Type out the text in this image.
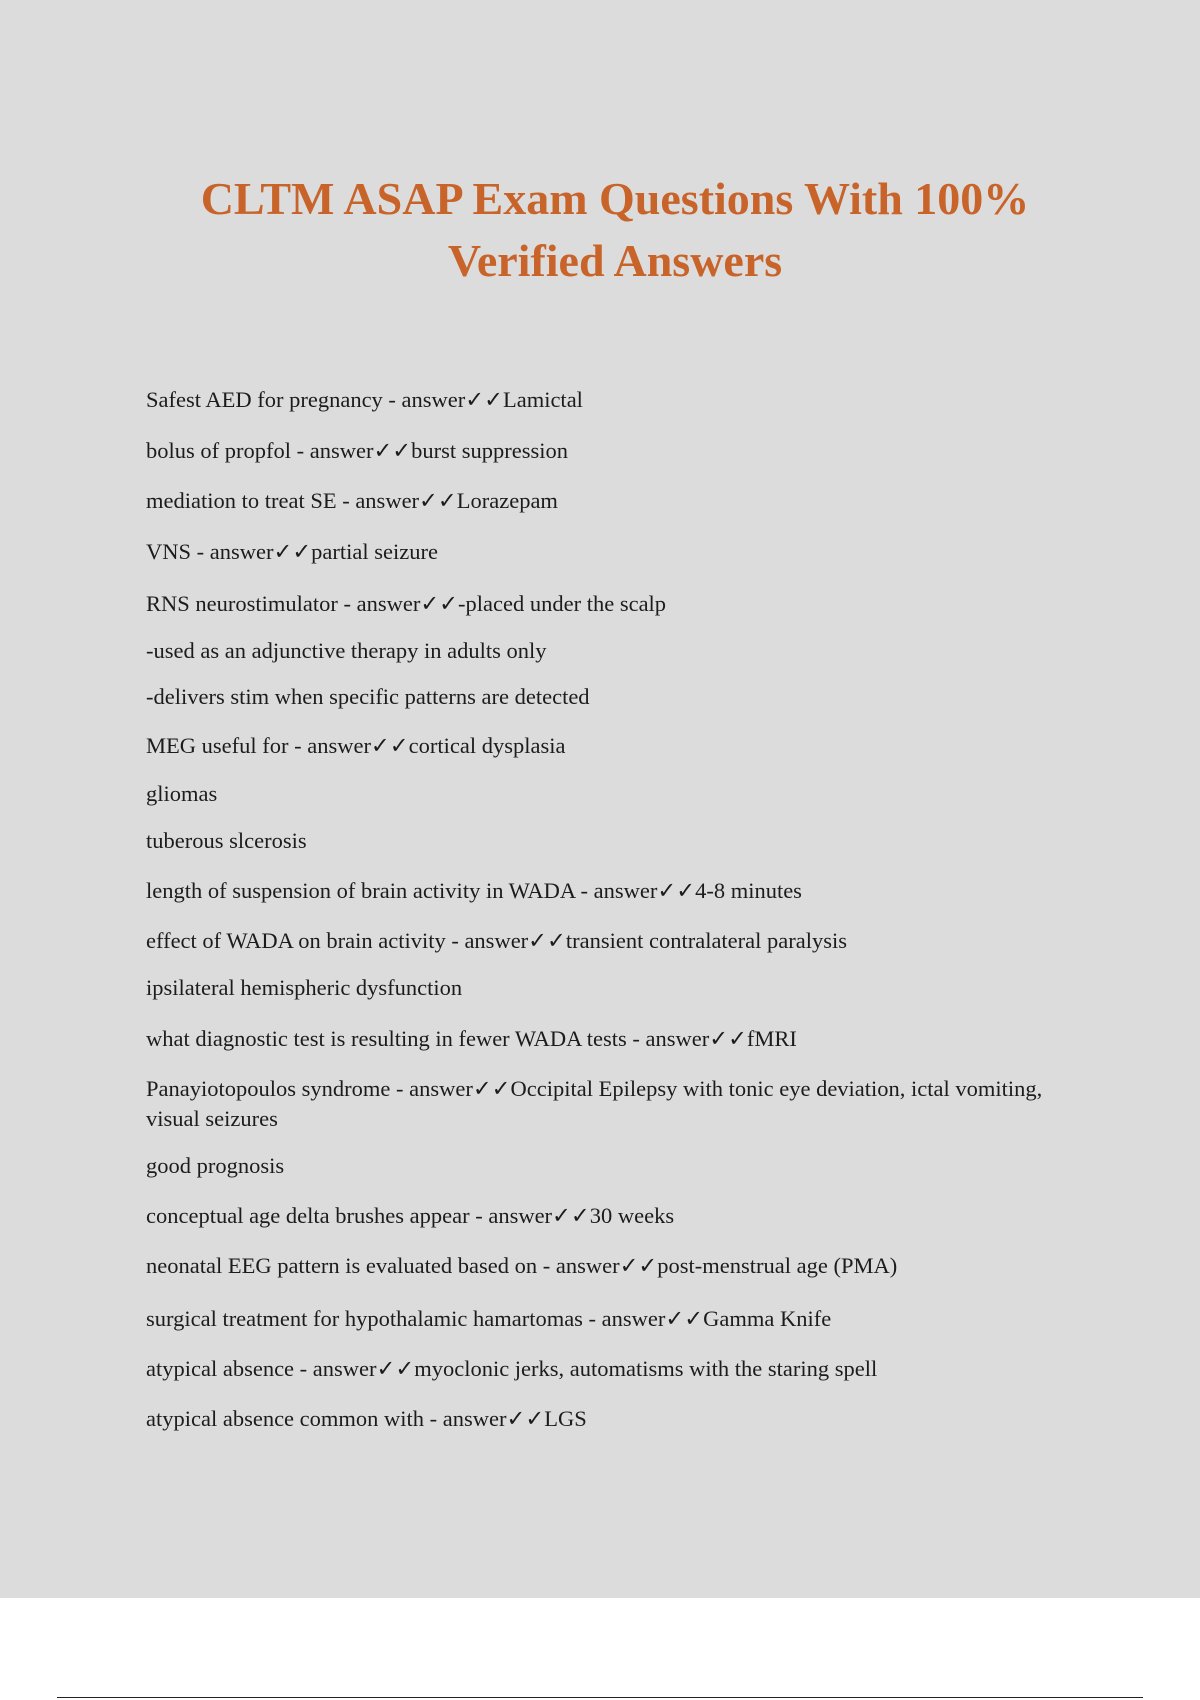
CLTM ASAP Exam Questions With 100%
Verified Answers
Safest AED for pregnancy - answer✓✓Lamictal
bolus of propfol - answer✓✓burst suppression
mediation to treat SE - answer✓✓Lorazepam
VNS - answer✓✓partial seizure
RNS neurostimulator - answer✓✓-placed under the scalp
-used as an adjunctive therapy in adults only
-delivers stim when specific patterns are detected
MEG useful for - answer✓✓cortical dysplasia
gliomas
tuberous slcerosis
length of suspension of brain activity in WADA - answer✓✓4-8 minutes
effect of WADA on brain activity - answer✓✓transient contralateral paralysis
ipsilateral hemispheric dysfunction
what diagnostic test is resulting in fewer WADA tests - answer✓✓fMRI
Panayiotopoulos syndrome - answer✓✓Occipital Epilepsy with tonic eye deviation, ictal vomiting, visual seizures
good prognosis
conceptual age delta brushes appear - answer✓✓30 weeks
neonatal EEG pattern is evaluated based on - answer✓✓post-menstrual age (PMA)
surgical treatment for hypothalamic hamartomas - answer✓✓Gamma Knife
atypical absence - answer✓✓myoclonic jerks, automatisms with the staring spell
atypical absence common with - answer✓✓LGS
